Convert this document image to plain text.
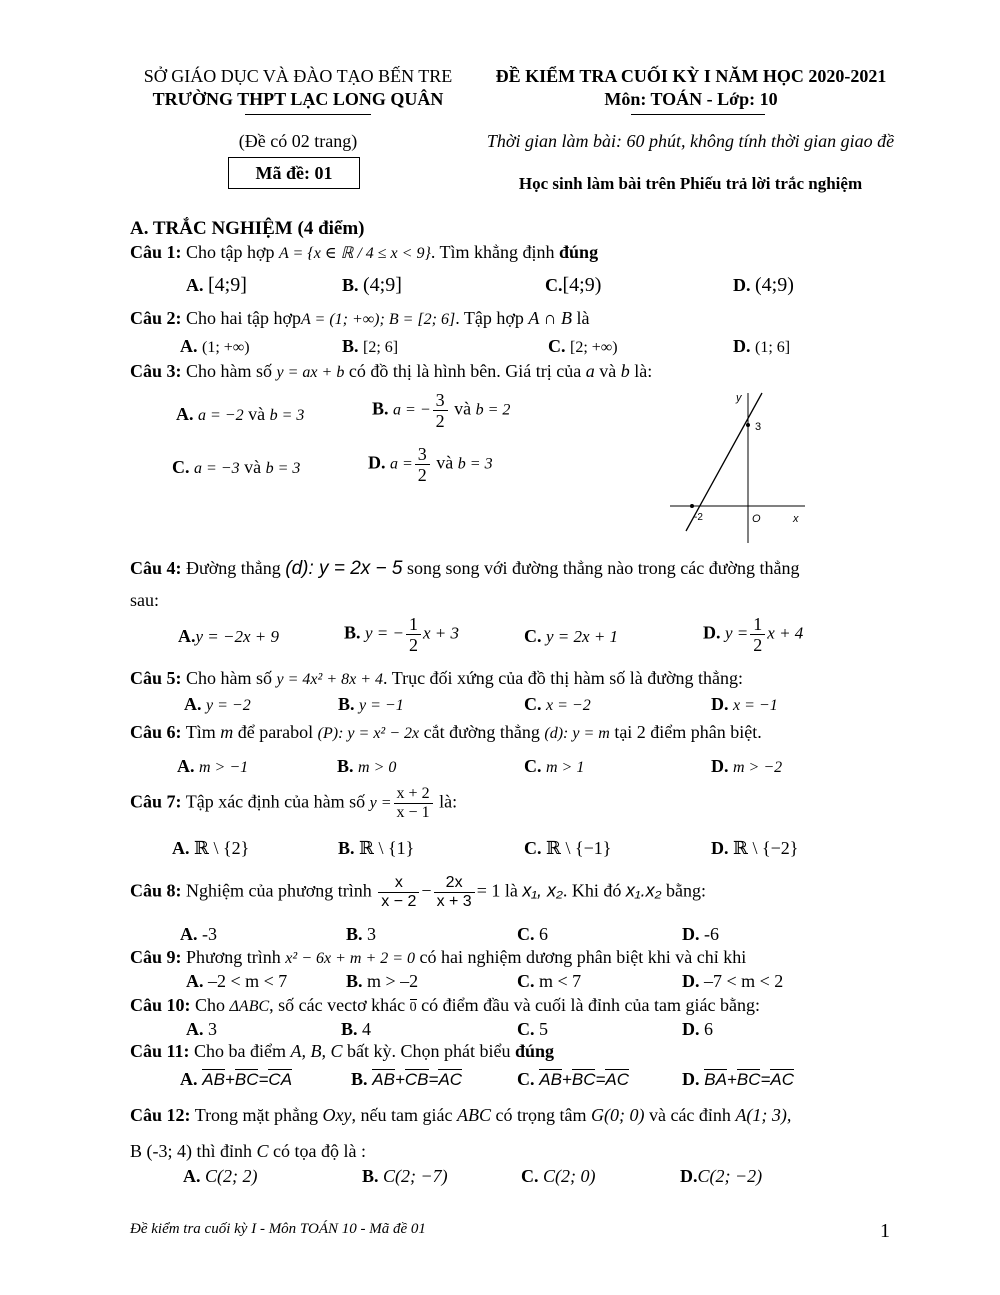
SỞ GIÁO DỤC VÀ ĐÀO TẠO BẾN TRE
TRƯỜNG THPT LẠC LONG QUÂN
ĐỀ KIỂM TRA CUỐI KỲ I NĂM HỌC 2020-2021
Môn: TOÁN - Lớp: 10
(Đề có 02 trang)	Thời gian làm bài: 60 phút, không tính thời gian giao đề
Mã đề: 01
Học sinh làm bài trên Phiếu trả lời trắc nghiệm
A. TRẮC NGHIỆM (4 điểm)
Câu 1: Cho tập hợp A = {x ∈ ℝ / 4 ≤ x < 9}. Tìm khẳng định đúng
A. [4;9]	B. (4;9]	C.[4;9)	D. (4;9)
Câu 2: Cho hai tập hợpA = (1; +∞); B = [2; 6]. Tập hợp A ∩ B là
A. (1; +∞)	B. [2; 6]	C. [2; +∞)	D. (1; 6]
Câu 3: Cho hàm số y = ax + b có đồ thị là hình bên. Giá trị của a và b là:
A. a = −2 và b = 3	B. a = − $\frac{3}{2}$ và b = 2
C. a = −3 và b = 3	D. $a = \frac{3}{2}$ và b = 3
y
3
x
O
-2
Câu 4: Đường thẳng (d): y = 2x − 5 song song với đường thẳng nào trong các đường thẳng
sau:
A.y = −2x + 9	B. y = − $\frac{1}{2}$ x + 3	C. y = 2x + 1	D. $y = \frac{1}{2}$ x + 4
Câu 5: Cho hàm số y = 4x² + 8x + 4. Trục đối xứng của đồ thị hàm số là đường thẳng:
A. y = −2	B. y = −1	C. x = −2	D. x = −1
Câu 6: Tìm m để parabol (P): y = x² − 2x cắt đường thẳng (d): y = m tại 2 điểm phân biệt.
A. m > −1	B. m > 0	C. m > 1	D. m > −2
Câu 7: Tập xác định của hàm số $y = \frac{x + 2}{x - 1}$ là:
A. ℝ \ {2}	B. ℝ \ {1}	C. ℝ \ {−1}	D. ℝ \ {−2}
Câu 8: Nghiệm của phương trình $\frac{x}{x - 2} - \frac{2x}{x + 3} = 1$ là x₁, x₂. Khi đó x₁.x₂ bằng:
A. -3	B. 3	C. 6	D. -6
Câu 9: Phương trình x² − 6x + m + 2 = 0 có hai nghiệm dương phân biệt khi và chỉ khi
A. –2 < m < 7	B. m > –2	C. m < 7	D. –7 < m < 2
Câu 10: Cho ΔABC, số các vectơ khác 0 có điểm đầu và cuối là đỉnh của tam giác bằng:
A. 3	B. 4	C. 5	D. 6
Câu 11: Cho ba điểm A, B, C bất kỳ. Chọn phát biểu đúng
A. AB+BC=CA	B. AB+CB=AC	C. AB+BC=AC	D. BA+BC=AC
Câu 12: Trong mặt phẳng Oxy, nếu tam giác ABC có trọng tâm G(0; 0) và các đỉnh A(1; 3),
B (-3; 4) thì đỉnh C có tọa độ là :
A. C(2; 2)	B. C(2; −7)	C. C(2; 0)	D.C(2; −2)
Đề kiểm tra cuối kỳ I - Môn TOÁN 10 - Mã đề 01	1
